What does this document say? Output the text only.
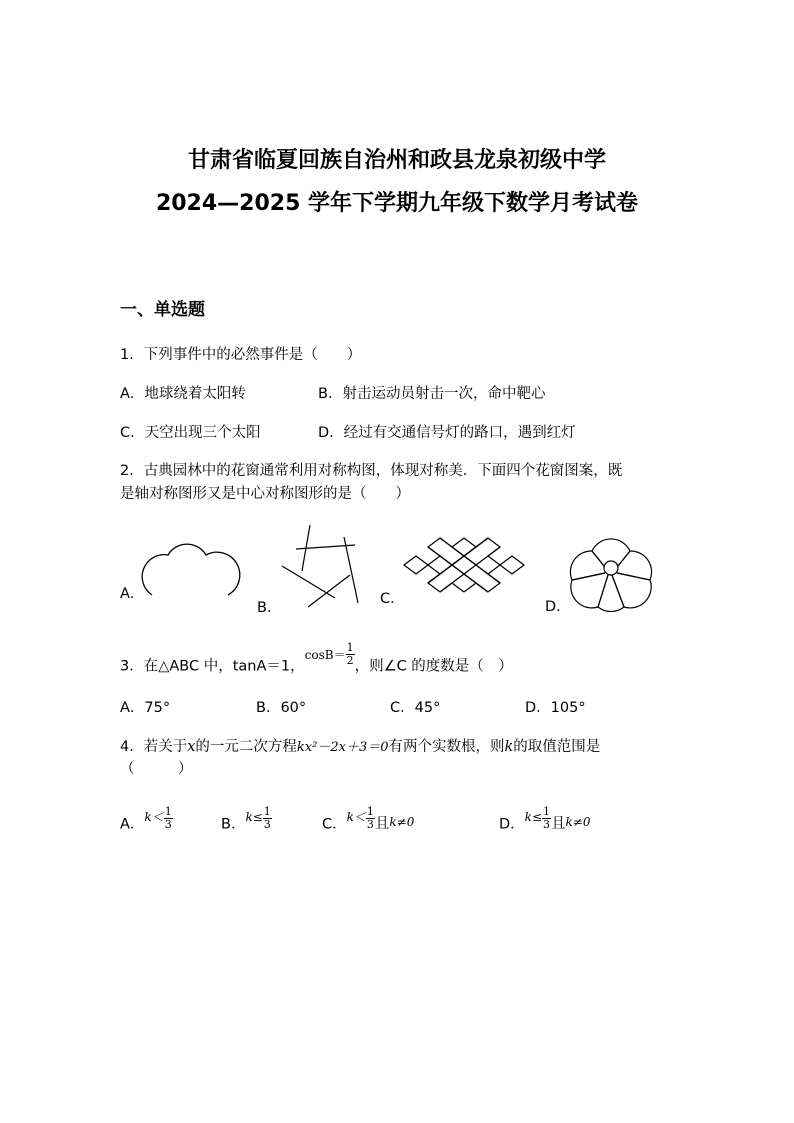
甘肃省临夏回族自治州和政县龙泉初级中学
2024—2025 学年下学期九年级下数学月考试卷
一、单选题
1．下列事件中的必然事件是（　　）
A．地球绕着太阳转	B．射击运动员射击一次，命中靶心
C．天空出现三个太阳	D．经过有交通信号灯的路口，遇到红灯
2．古典园林中的花窗通常利用对称构图，体现对称美．下面四个花窗图案，既
是轴对称图形又是中心对称图形的是（　　）
A．
B．
C．	D．
3．在△ABC 中，tanA＝1，$\cos B= \frac{1}{2}$ ，则∠C 的度数是（　）
A．75°	B．60°	C．45°	D．105°
4．若关于x的一元二次方程kx²－2x＋3＝0有两个实数根，则k的取值范围是
（　　　）
A．$^{k<} \frac{1}{3}$	B．$^{k\le} \frac{1}{3}$	C．$^{k<} \frac{1}{3}$ 且$^{k\ne 0}$	D．$^{k\le} \frac{1}{3}$ 且$^{k\ne 0}$
